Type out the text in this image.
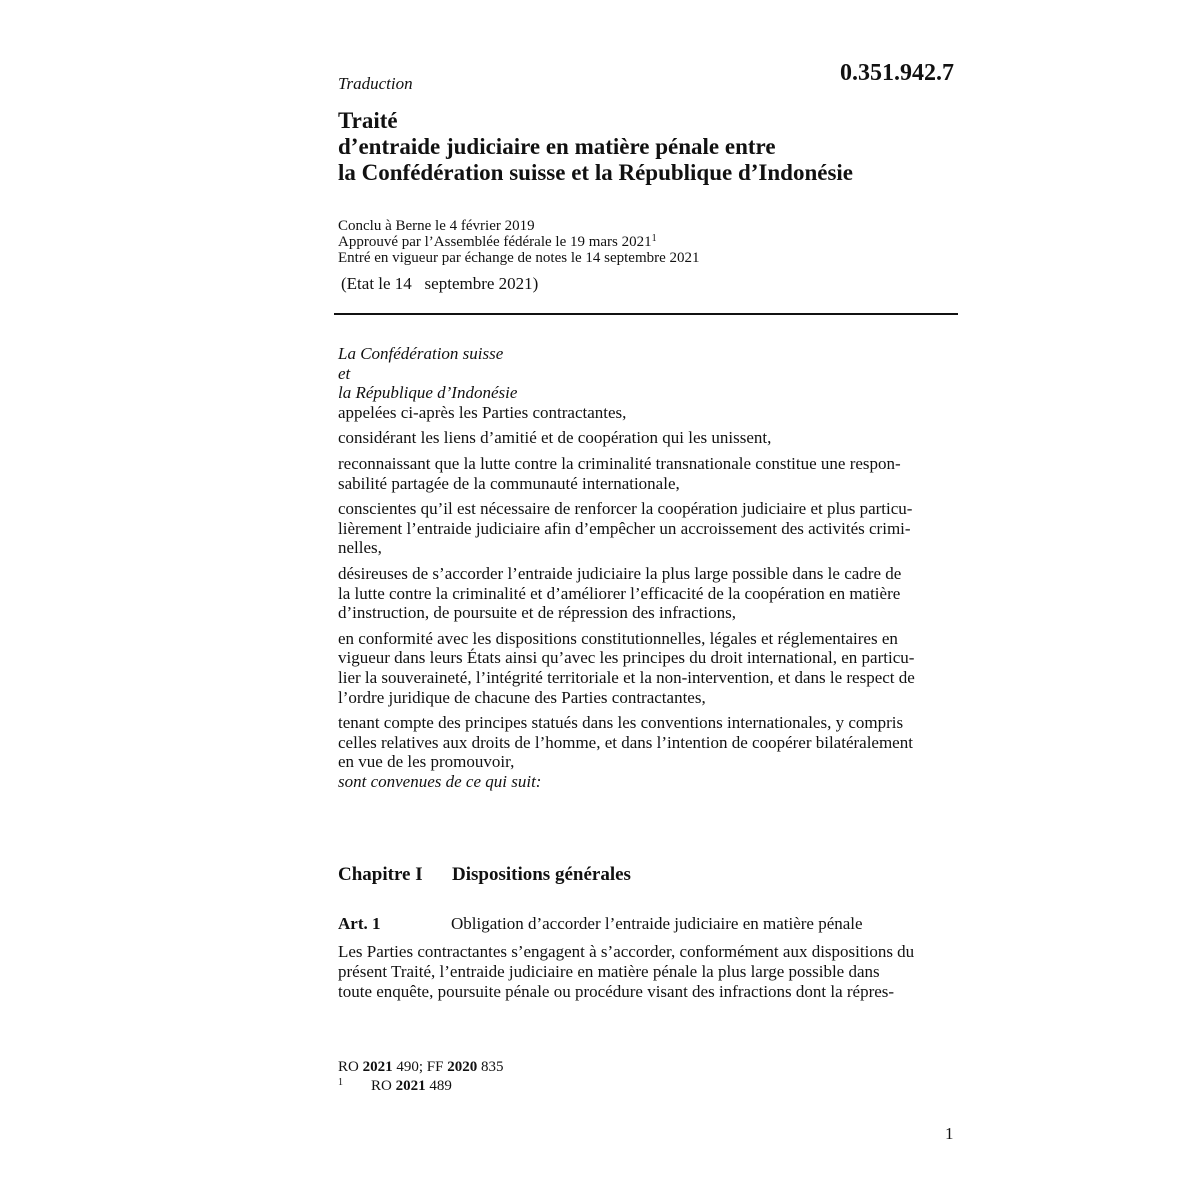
Traduction	0.351.942.7
Traité
d’entraide judiciaire en matière pénale entre
la Confédération suisse et la République d’Indonésie
Conclu à Berne le 4 février 2019
Approuvé par l’Assemblée fédérale le 19 mars 2021$^1$
Entré en vigueur par échange de notes le 14 septembre 2021
(Etat le 14   septembre 2021)
La Confédération suisse
et
la République d’Indonésie
appelées ci-après les Parties contractantes,
considérant les liens d’amitié et de coopération qui les unissent,
reconnaissant que la lutte contre la criminalité transnationale constitue une respon-
sabilité partagée de la communauté internationale,
conscientes qu’il est nécessaire de renforcer la coopération judiciaire et plus particu-
lièrement l’entraide judiciaire afin d’empêcher un accroissement des activités crimi-
nelles,
désireuses de s’accorder l’entraide judiciaire la plus large possible dans le cadre de
la lutte contre la criminalité et d’améliorer l’efficacité de la coopération en matière
d’instruction, de poursuite et de répression des infractions,
en conformité avec les dispositions constitutionnelles, légales et réglementaires en
vigueur dans leurs États ainsi qu’avec les principes du droit international, en particu-
lier la souveraineté, l’intégrité territoriale et la non-intervention, et dans le respect de
l’ordre juridique de chacune des Parties contractantes,
tenant compte des principes statués dans les conventions internationales, y compris
celles relatives aux droits de l’homme, et dans l’intention de coopérer bilatéralement
en vue de les promouvoir,
sont convenues de ce qui suit:
Chapitre I Dispositions générales
Art. 1	Obligation d’accorder l’entraide judiciaire en matière pénale
Les Parties contractantes s’engagent à s’accorder, conformément aux dispositions du
présent Traité, l’entraide judiciaire en matière pénale la plus large possible dans
toute enquête, poursuite pénale ou procédure visant des infractions dont la répres-
RO 2021 490; FF 2020 835
1 RO 2021 489
1
